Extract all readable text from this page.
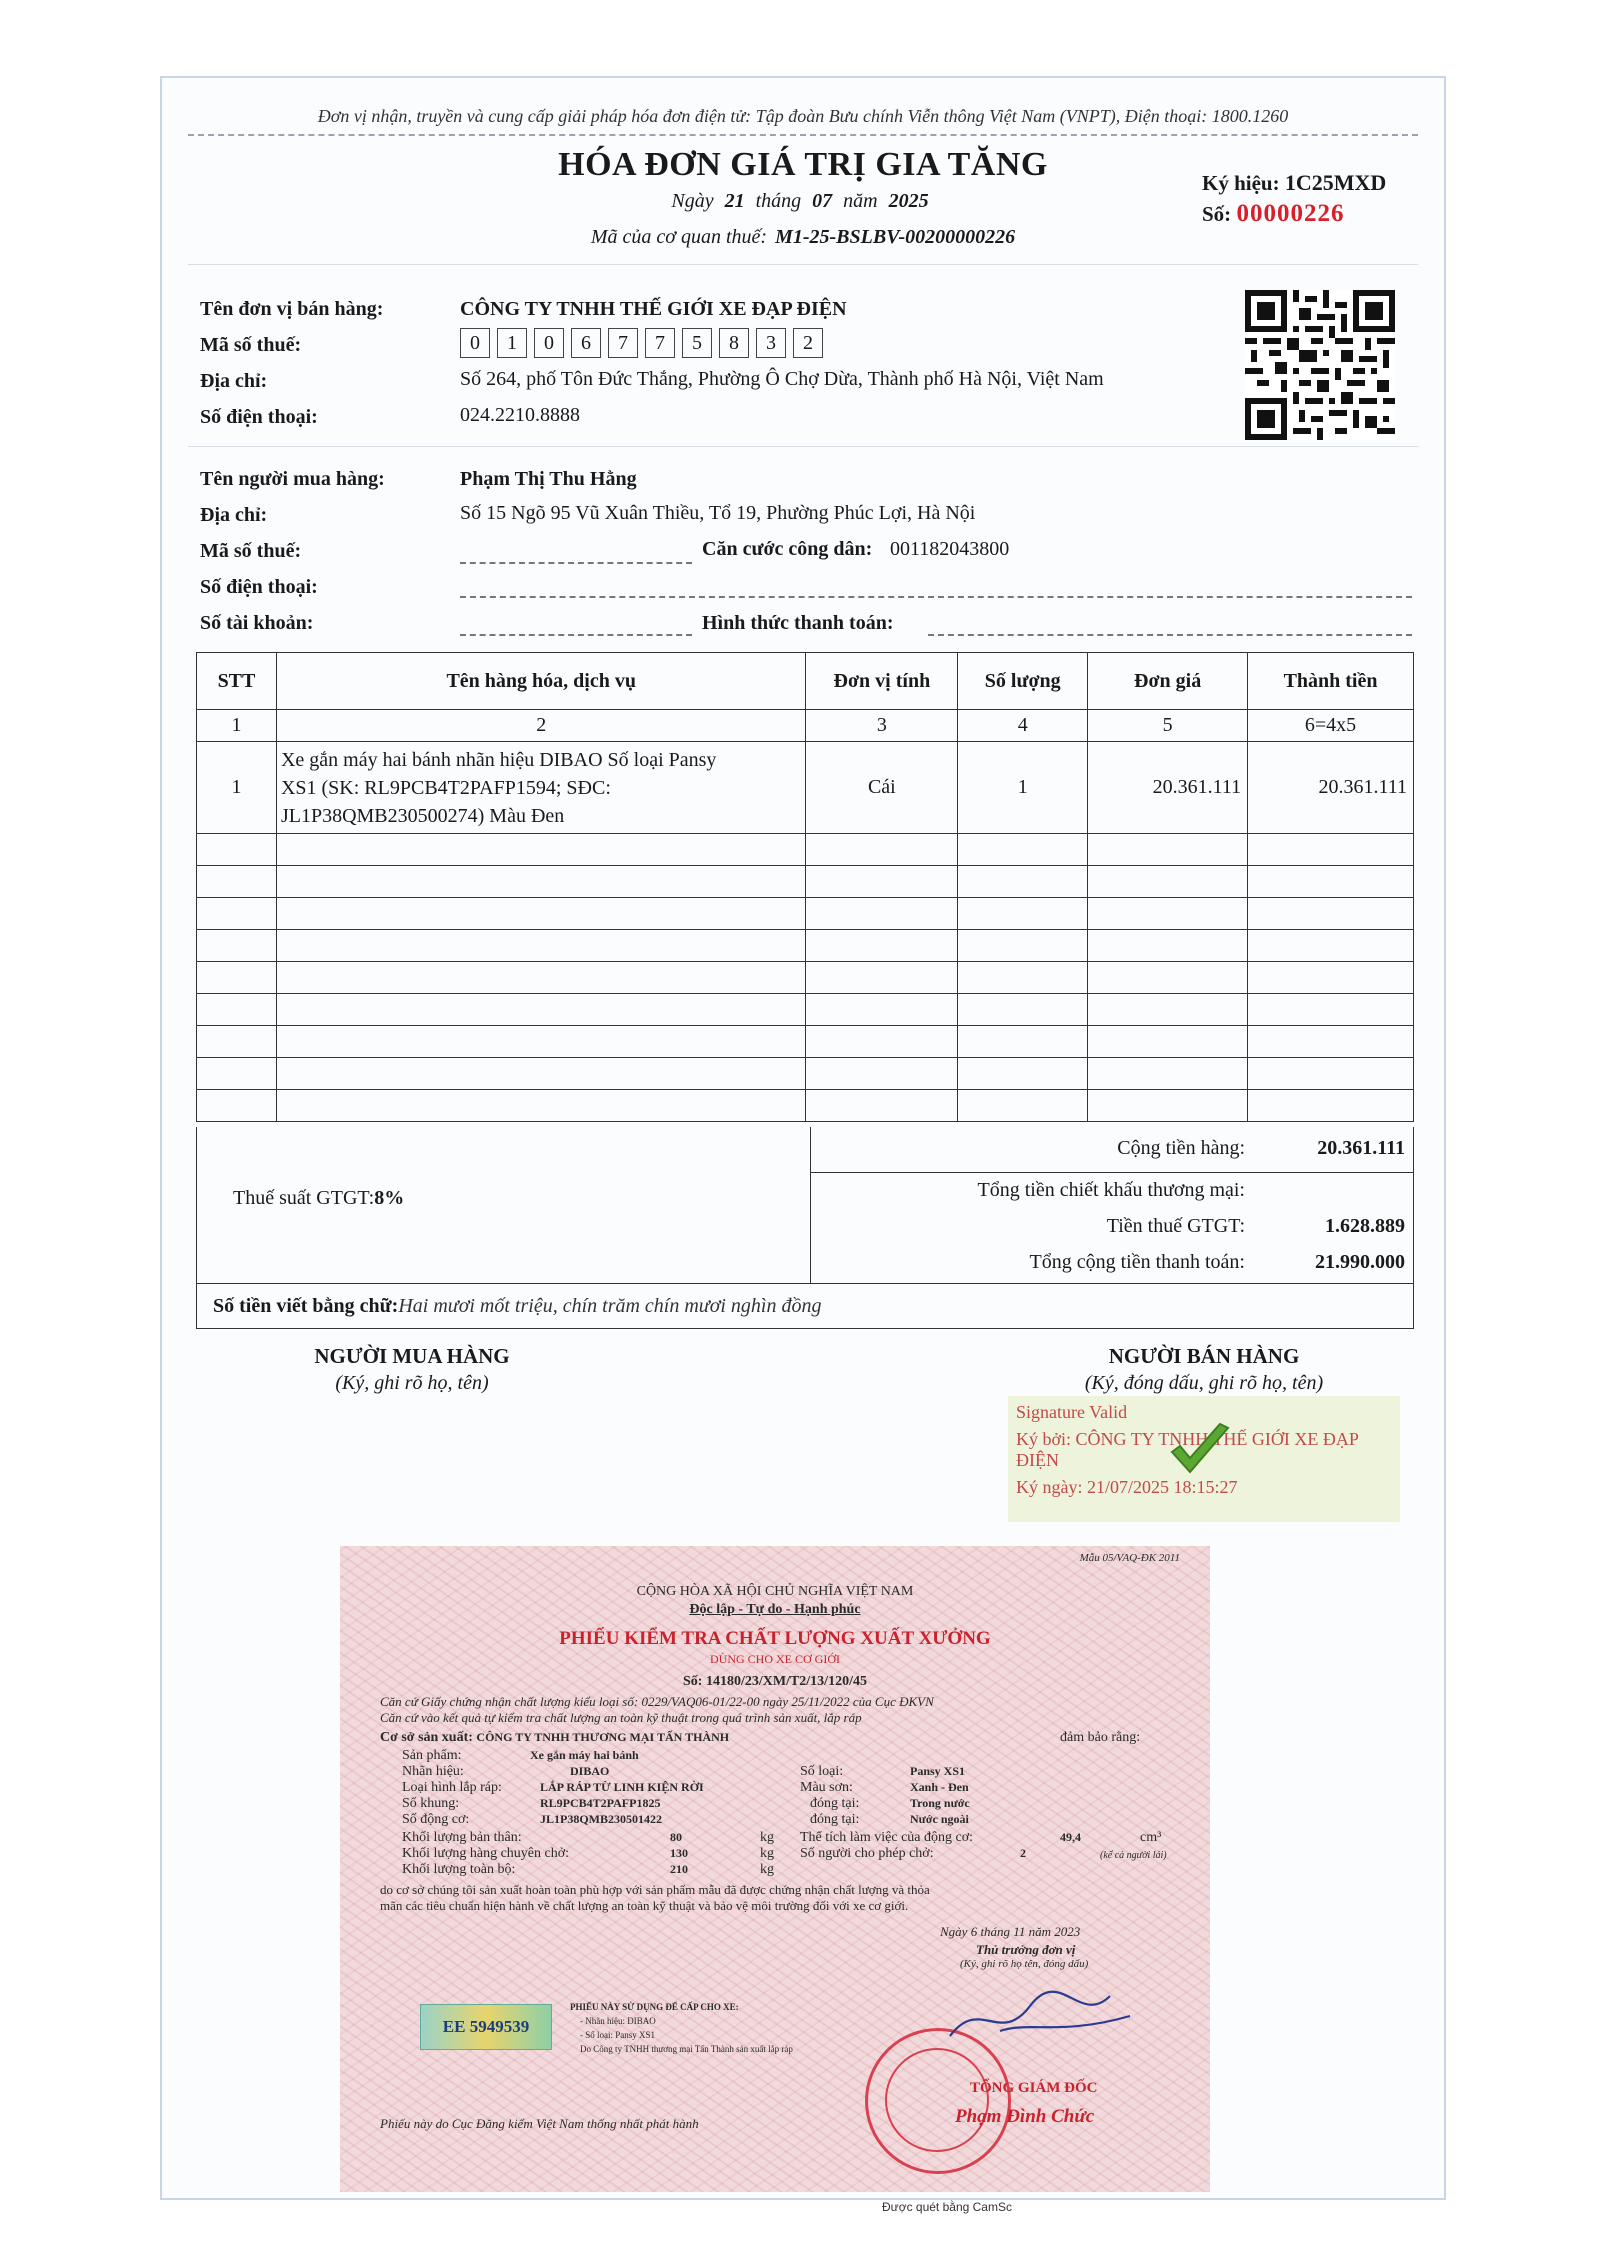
Đơn vị nhận, truyền và cung cấp giải pháp hóa đơn điện tử: Tập đoàn Bưu chính Viễn thông Việt Nam (VNPT), Điện thoại: 1800.1260
HÓA ĐƠN GIÁ TRỊ GIA TĂNG
Ngày 21 tháng 07 năm 2025
Mã của cơ quan thuế: M1-25-BSLBV-00200000226
Ký hiệu: 1C25MXD
Số: 00000226
Tên đơn vị bán hàng:	CÔNG TY TNHH THẾ GIỚI XE ĐẠP ĐIỆN
Mã số thuế:	0	1	0	6	7	7	5	8	3	2
Địa chỉ:	Số 264, phố Tôn Đức Thắng, Phường Ô Chợ Dừa, Thành phố Hà Nội, Việt Nam
Số điện thoại:	024.2210.8888
Tên người mua hàng:	Phạm Thị Thu Hằng
Địa chỉ:	Số 15 Ngõ 95 Vũ Xuân Thiều, Tổ 19, Phường Phúc Lợi, Hà Nội
Mã số thuế:	Căn cước công dân: 001182043800
Số điện thoại:
Số tài khoản:	Hình thức thanh toán:
STT	Tên hàng hóa, dịch vụ	Đơn vị tính	Số lượng	Đơn giá	Thành tiền
1	2	3	4	5	6=4x5
1	Xe gắn máy hai bánh nhãn hiệu DIBAO Số loại Pansy
XS1 (SK: RL9PCB4T2PAFP1594; SĐC:
JL1P38QMB230500274) Màu Đen	Cái	1	20.361.111	20.361.111

Thuế suất GTGT:8%
Cộng tiền hàng:	20.361.111
Tổng tiền chiết khấu thương mại:
Tiền thuế GTGT:	1.628.889
Tổng cộng tiền thanh toán:	21.990.000
Số tiền viết bằng chữ:Hai mươi mốt triệu, chín trăm chín mươi nghìn đồng
NGƯỜI MUA HÀNG
(Ký, ghi rõ họ, tên)
NGƯỜI BÁN HÀNG
(Ký, đóng dấu, ghi rõ họ, tên)
Signature Valid
Ký bởi: CÔNG TY TNHH THẾ GIỚI XE ĐẠP
ĐIỆN
Ký ngày: 21/07/2025 18:15:27
Mẫu 05/VAQ-ĐK 2011
CỘNG HÒA XÃ HỘI CHỦ NGHĨA VIỆT NAM
Độc lập - Tự do - Hạnh phúc
PHIẾU KIỂM TRA CHẤT LƯỢNG XUẤT XƯỞNG
DÙNG CHO XE CƠ GIỚI
Số: 14180/23/XM/T2/13/120/45
Căn cứ Giấy chứng nhận chất lượng kiểu loại số: 0229/VAQ06-01/22-00 ngày 25/11/2022 của Cục ĐKVN
Căn cứ vào kết quả tự kiểm tra chất lượng an toàn kỹ thuật trong quá trình sản xuất, lắp ráp
Cơ sở sản xuất: CÔNG TY TNHH THƯƠNG MẠI TẤN THÀNH	đảm bảo rằng:
Sản phẩm:	Xe gắn máy hai bánh
Nhãn hiệu:	DIBAO	Số loại:	Pansy XS1
Loại hình lắp ráp:	LẮP RÁP TỪ LINH KIỆN RỜI	Màu sơn:	Xanh - Đen
Số khung:	RL9PCB4T2PAFP1825	đóng tại:	Trong nước
Số động cơ:	JL1P38QMB230501422	đóng tại:	Nước ngoài
Khối lượng bản thân:	80	kg Thể tích làm việc của động cơ:	49,4	cm³
Khối lượng hàng chuyên chở:	130	kg Số người cho phép chở:	2	(kể cả người lái)
Khối lượng toàn bộ:	210	kg
do cơ sở chúng tôi sản xuất hoàn toàn phù hợp với sản phẩm mẫu đã được chứng nhận chất lượng và thỏa
mãn các tiêu chuẩn hiện hành về chất lượng an toàn kỹ thuật và bảo vệ môi trường đối với xe cơ giới.
Ngày 6 tháng 11 năm 2023
Thủ trưởng đơn vị
(Ký, ghi rõ họ tên, đóng dấu)
EE 5949539
PHIẾU NÀY SỬ DỤNG ĐỂ CẤP CHO XE:
- Nhãn hiệu: DIBAO
- Số loại: Pansy XS1
Do Công ty TNHH thương mại Tấn Thành sản xuất lắp ráp
TỔNG GIÁM ĐỐC
Phạm Đình Chức
Phiếu này do Cục Đăng kiểm Việt Nam thống nhất phát hành
Được quét bằng CamSc
